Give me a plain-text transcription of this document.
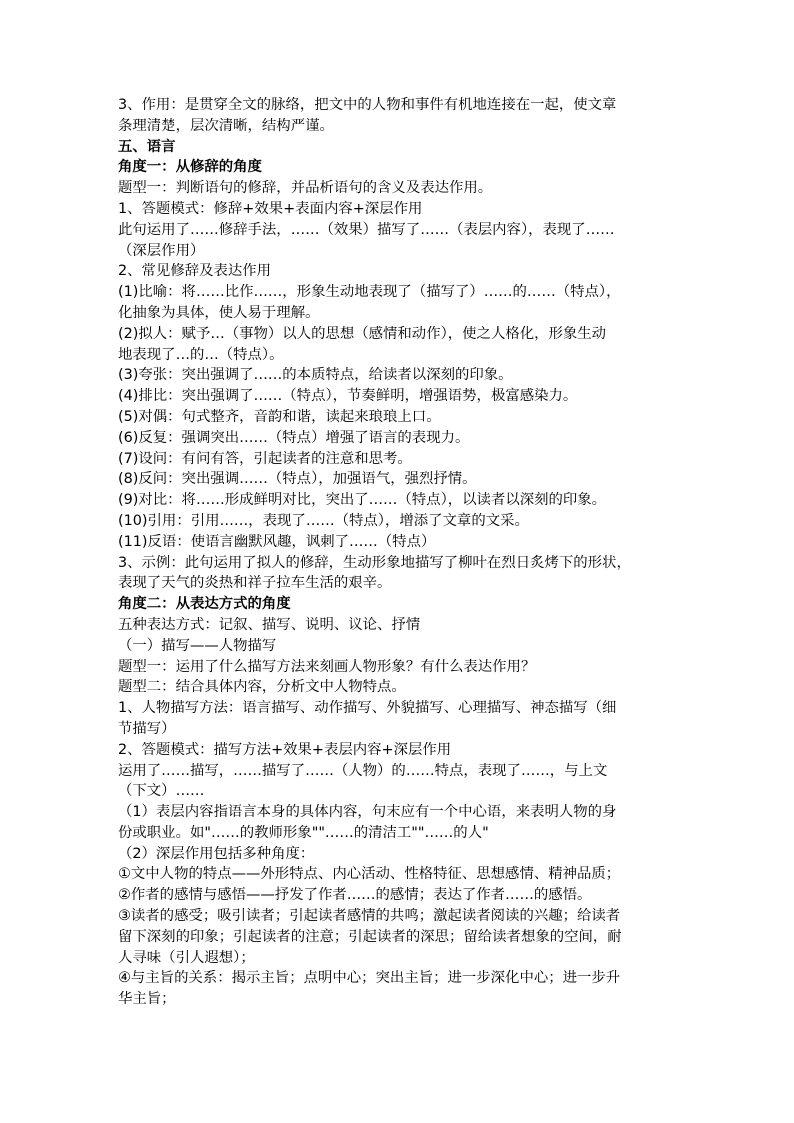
3、作用：是贯穿全文的脉络，把文中的人物和事件有机地连接在一起，使文章
条理清楚，层次清晰，结构严谨。
五、语言
角度一：从修辞的角度
题型一：判断语句的修辞，并品析语句的含义及表达作用。
1、答题模式：修辞+效果+表面内容+深层作用
此句运用了……修辞手法，……（效果）描写了……（表层内容），表现了……
（深层作用）
2、常见修辞及表达作用
(1)比喻：将……比作……，形象生动地表现了（描写了）……的……（特点），
化抽象为具体，使人易于理解。
(2)拟人：赋予…（事物）以人的思想（感情和动作），使之人格化，形象生动
地表现了…的…（特点）。
(3)夸张：突出强调了……的本质特点，给读者以深刻的印象。
(4)排比：突出强调了……（特点），节奏鲜明，增强语势，极富感染力。
(5)对偶：句式整齐，音韵和谐，读起来琅琅上口。
(6)反复：强调突出……（特点）增强了语言的表现力。
(7)设问：有问有答，引起读者的注意和思考。
(8)反问：突出强调……（特点），加强语气，强烈抒情。
(9)对比：将……形成鲜明对比，突出了……（特点），以读者以深刻的印象。
(10)引用：引用……，表现了……（特点），增添了文章的文采。
(11)反语：使语言幽默风趣，讽刺了……（特点）
3、示例：此句运用了拟人的修辞，生动形象地描写了柳叶在烈日炙烤下的形状，
表现了天气的炎热和祥子拉车生活的艰辛。
角度二：从表达方式的角度
五种表达方式：记叙、描写、说明、议论、抒情
（一）描写——人物描写
题型一：运用了什么描写方法来刻画人物形象？有什么表达作用？
题型二：结合具体内容，分析文中人物特点。
1、人物描写方法：语言描写、动作描写、外貌描写、心理描写、神态描写（细
节描写）
2、答题模式：描写方法+效果+表层内容+深层作用
运用了……描写，……描写了……（人物）的……特点，表现了……，与上文
（下文）……
（1）表层内容指语言本身的具体内容，句末应有一个中心语，来表明人物的身
份或职业。如"……的教师形象""……的清洁工""……的人"
（2）深层作用包括多种角度：
①文中人物的特点——外形特点、内心活动、性格特征、思想感情、精神品质；
②作者的感情与感悟——抒发了作者……的感情；表达了作者……的感悟。
③读者的感受；吸引读者；引起读者感情的共鸣；激起读者阅读的兴趣；给读者
留下深刻的印象；引起读者的注意；引起读者的深思；留给读者想象的空间，耐
人寻味（引人遐想）；
④与主旨的关系：揭示主旨；点明中心；突出主旨；进一步深化中心；进一步升
华主旨；
